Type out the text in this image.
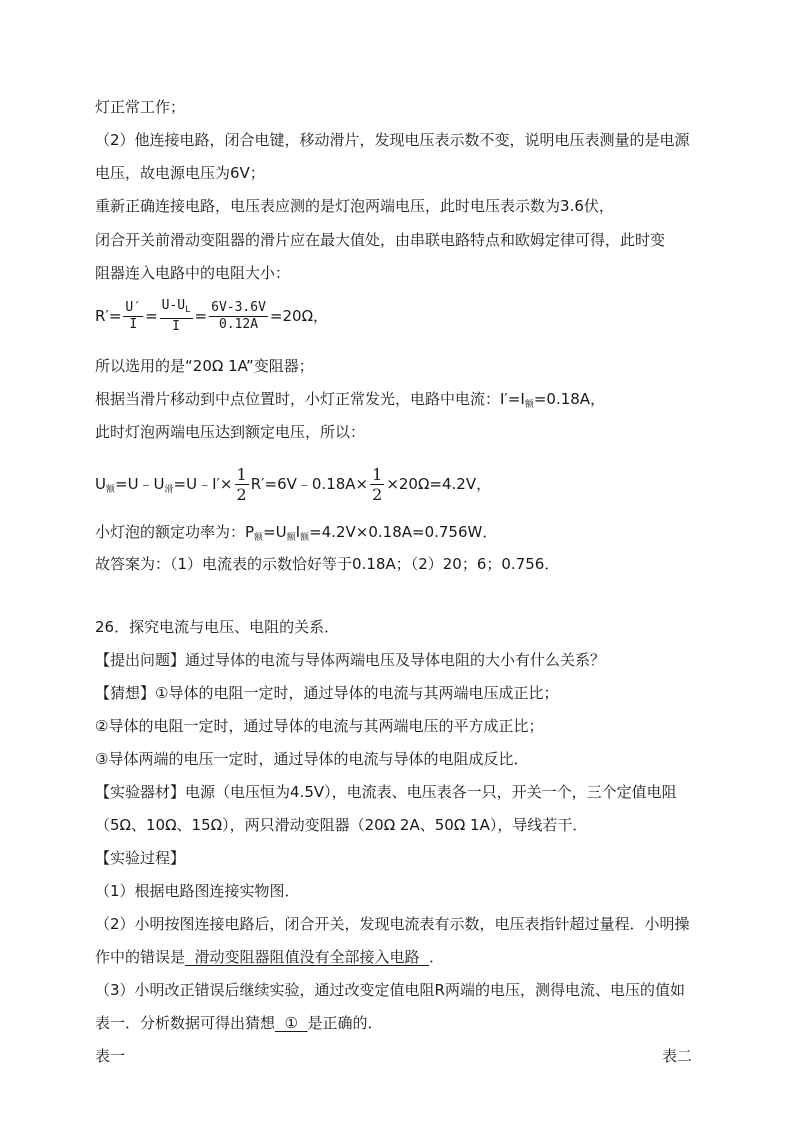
灯正常工作；
（2）他连接电路，闭合电键，移动滑片，发现电压表示数不变，说明电压表测量的是电源
电压，故电源电压为6V；
重新正确连接电路，电压表应测的是灯泡两端电压，此时电压表示数为3.6伏，
闭合开关前滑动变阻器的滑片应在最大值处，由串联电路特点和欧姆定律可得，此时变
阻器连入电路中的电阻大小：
$R'= \frac{U'}{I} = \frac{U-U_L}{I} = \frac{6V-3.6V}{0.12A} =20\Omega$，
所以选用的是“20Ω 1A”变阻器；
根据当滑片移动到中点位置时，小灯正常发光，电路中电流：$I'=I_额=0.18A$，
此时灯泡两端电压达到额定电压，所以：
$U_额=U﹣U_滑=U﹣I'\times \frac{1}{2}$ R′=6V﹣0.18A× $\frac{1}{2} \times 20\Omega=4.2V$，
小灯泡的额定功率为：$P_额=U_额I_额=4.2V\times 0.18A=0.756W$．
故答案为：（1）电流表的示数恰好等于0.18A；（2）20；6；0.756．
26．探究电流与电压、电阻的关系．
【提出问题】通过导体的电流与导体两端电压及导体电阻的大小有什么关系？
【猜想】①导体的电阻一定时，通过导体的电流与其两端电压成正比；
②导体的电阻一定时，通过导体的电流与其两端电压的平方成正比；
③导体两端的电压一定时，通过导体的电流与导体的电阻成反比．
【实验器材】电源（电压恒为4.5V），电流表、电压表各一只，开关一个，三个定值电阻
（5Ω、10Ω、15Ω），两只滑动变阻器（20Ω 2A、50Ω 1A），导线若干．
【实验过程】
（1）根据电路图连接实物图．
（2）小明按图连接电路后，闭合开关，发现电流表有示数，电压表指针超过量程．小明操
作中的错误是  滑动变阻器阻值没有全部接入电路  ．
（3）小明改正错误后继续实验，通过改变定值电阻R两端的电压，测得电流、电压的值如
表一．分析数据可得出猜想  ①  是正确的．
表一	表二
